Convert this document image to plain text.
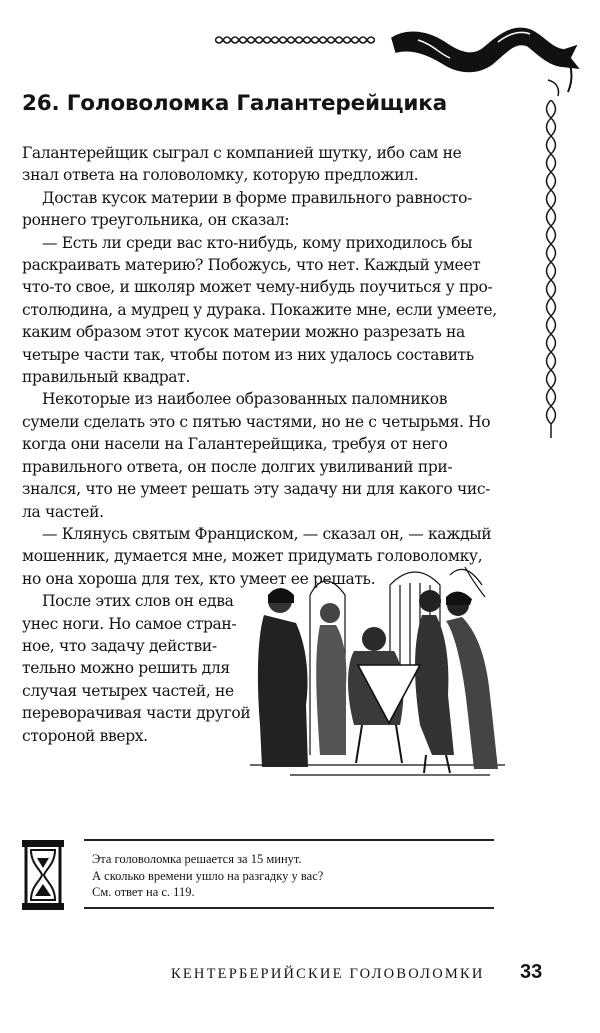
26. Головоломка Галантерейщика

Галантерейщик сыграл с компанией шутку, ибо сам не знал ответа на головоломку, которую предложил.

Достав кусок материи в форме правильного равностороннего треугольника, он сказал:

— Есть ли среди вас кто-нибудь, кому приходилось бы раскраивать материю? Побожусь, что нет. Каждый умеет что-то свое, и школяр может чему-нибудь поучиться у простолюдина, а мудрец у дурака. Покажите мне, если умеете, каким образом этот кусок материи можно разрезать на четыре части так, чтобы потом из них удалось составить правильный квадрат.

Некоторые из наиболее образованных паломников сумели сделать это с пятью частями, но не с четырьмя. Но когда они насели на Галантерейщика, требуя от него правильного ответа, он после долгих увиливаний признался, что не умеет решать эту задачу ни для какого числа частей.

— Клянусь святым Франциском, — сказал он, — каждый мошенник, думается мне, может придумать головоломку, но она хороша для тех, кто умеет ее решать.

После этих слов он едва унес ноги. Но самое странное, что задачу действительно можно решить для случая четырех частей, не переворачивая части другой стороной вверх.

Эта головоломка решается за 15 минут.
А сколько времени ушло на разгадку у вас?
См. ответ на с. 119.
КЕНТЕРБЕРИЙСКИЕ ГОЛОВОЛОМКИ 33
